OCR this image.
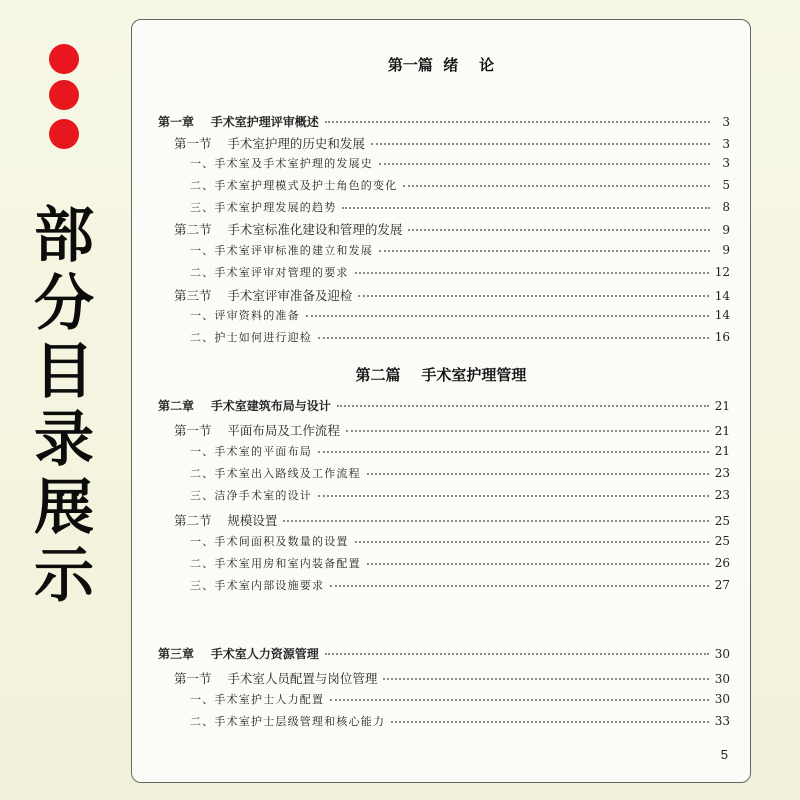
部
分
目
录
展
示
第一篇  绪    论
第二篇    手术室护理管理
第一章    手术室护理评审概述	3
第一节    手术室护理的历史和发展	3
一、手术室及手术室护理的发展史	3
二、手术室护理模式及护士角色的变化	5
三、手术室护理发展的趋势	8
第二节    手术室标准化建设和管理的发展	9
一、手术室评审标准的建立和发展	9
二、手术室评审对管理的要求	12
第三节    手术室评审准备及迎检	14
一、评审资料的准备	14
二、护士如何进行迎检	16
第二章    手术室建筑布局与设计	21
第一节    平面布局及工作流程	21
一、手术室的平面布局	21
二、手术室出入路线及工作流程	23
三、洁净手术室的设计	23
第二节    规模设置	25
一、手术间面积及数量的设置	25
二、手术室用房和室内装备配置	26
三、手术室内部设施要求	27
第三章    手术室人力资源管理	30
第一节    手术室人员配置与岗位管理	30
一、手术室护士人力配置	30
二、手术室护士层级管理和核心能力	33
5
